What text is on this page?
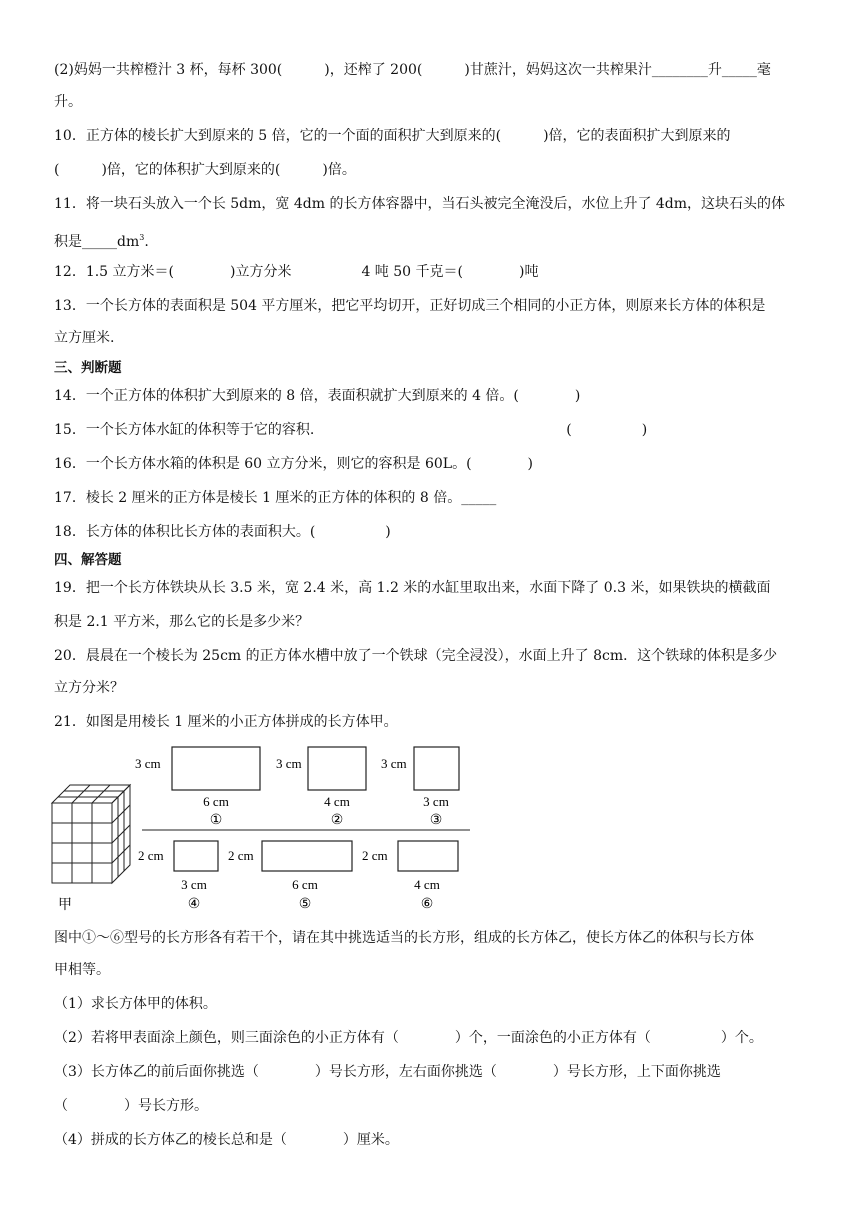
(2)妈妈一共榨橙汁 3 杯，每杯 300(　　　)，还榨了 200(　　　)甘蔗汁，妈妈这次一共榨果汁________升_____毫
升。
10．正方体的棱长扩大到原来的 5 倍，它的一个面的面积扩大到原来的(　　　)倍，它的表面积扩大到原来的
(　　　)倍，它的体积扩大到原来的(　　　)倍。
11．将一块石头放入一个长 5dm，宽 4dm 的长方体容器中，当石头被完全淹没后，水位上升了 4dm，这块石头的体
积是$\_\_\_\_\_dm^3$.
12．1.5 立方米＝(　　　　)立方分米　　　　　4 吨 50 千克＝(　　　　)吨
13．一个长方体的表面积是 504 平方厘米，把它平均切开，正好切成三个相同的小正方体，则原来长方体的体积是
立方厘米.
三、判断题
14．一个正方体的体积扩大到原来的 8 倍，表面积就扩大到原来的 4 倍。(　　　　)
15．一个长方体水缸的体积等于它的容积.　　　　　　　　　　　　　　　　　　(　　　　　)
16．一个长方体水箱的体积是 60 立方分米，则它的容积是 60L。(　　　　)
17．棱长 2 厘米的正方体是棱长 1 厘米的正方体的体积的 8 倍。_____
18．长方体的体积比长方体的表面积大。(　　　　　)
四、解答题
19．把一个长方体铁块从长 3.5 米，宽 2.4 米，高 1.2 米的水缸里取出来，水面下降了 0.3 米，如果铁块的横截面
积是 2.1 平方米，那么它的长是多少米？
20．晨晨在一个棱长为 25cm 的正方体水槽中放了一个铁球（完全浸没），水面上升了 8cm．这个铁球的体积是多少
立方分米？
21．如图是用棱长 1 厘米的小正方体拼成的长方体甲。
甲
3 cm
6 cm
①
3 cm
4 cm
②
3 cm
3 cm
③
2 cm
3 cm
④
2 cm
6 cm
⑤
2 cm
4 cm
⑥
图中①～⑥型号的长方形各有若干个，请在其中挑选适当的长方形，组成的长方体乙，使长方体乙的体积与长方体
甲相等。
（1）求长方体甲的体积。
（2）若将甲表面涂上颜色，则三面涂色的小正方体有（　　　　）个，一面涂色的小正方体有（　　　　　）个。
（3）长方体乙的前后面你挑选（　　　　）号长方形，左右面你挑选（　　　　）号长方形，上下面你挑选
（　　　　）号长方形。
（4）拼成的长方体乙的棱长总和是（　　　　）厘米。
